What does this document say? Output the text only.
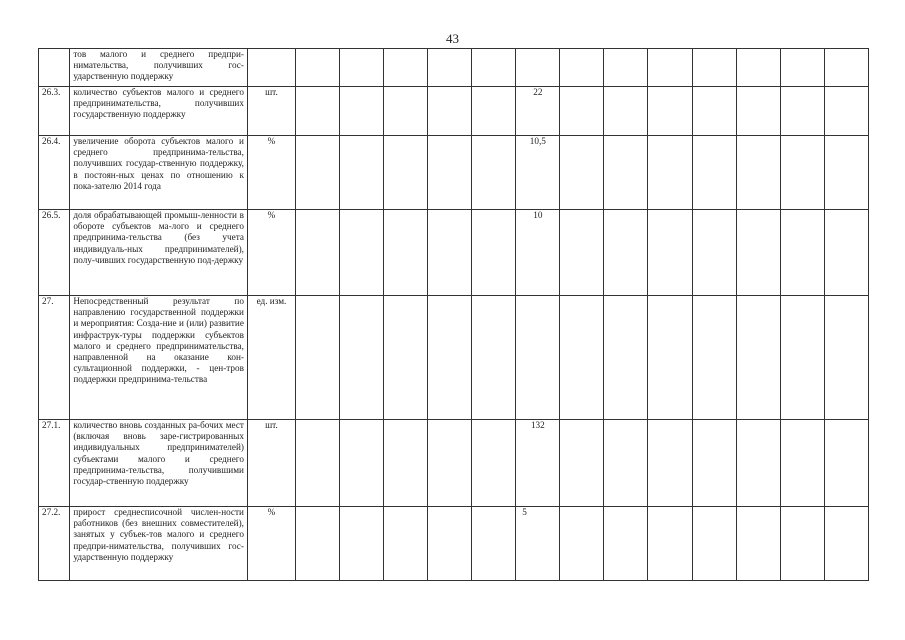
43
	тов малого и среднего предпри-нимательства, получивших гос-ударственную поддержку														
26.3.	количество субъектов малого и среднего предпринимательства, получивших государственную поддержку	шт.						22							
26.4.	увеличение оборота субъектов малого и среднего предпринима-тельства, получивших государ-ственную поддержку, в постоян-ных ценах по отношению к пока-зателю 2014 года	%						10,5							
26.5.	доля обрабатывающей промыш-ленности в обороте субъектов ма-лого и среднего предпринима-тельства (без учета индивидуаль-ных предпринимателей), полу-чивших государственную под-держку	%						10							
27.	Непосредственный результат по направлению государственной поддержки и мероприятия: Созда-ние и (или) развитие инфраструк-туры поддержки субъектов малого и среднего предпринимательства, направленной на оказание кон-сультационной поддержки, - цен-тров поддержки предпринима-тельства	ед. изм.													
27.1.	количество вновь созданных ра-бочих мест (включая вновь заре-гистрированных индивидуальных предпринимателей) субъектами малого и среднего предпринима-тельства, получившими государ-ственную поддержку	шт.						132							
27.2.	прирост среднесписочной числен-ности работников (без внешних совместителей), занятых у субъек-тов малого и среднего предпри-нимательства, получивших гос-ударственную поддержку	%						5							
